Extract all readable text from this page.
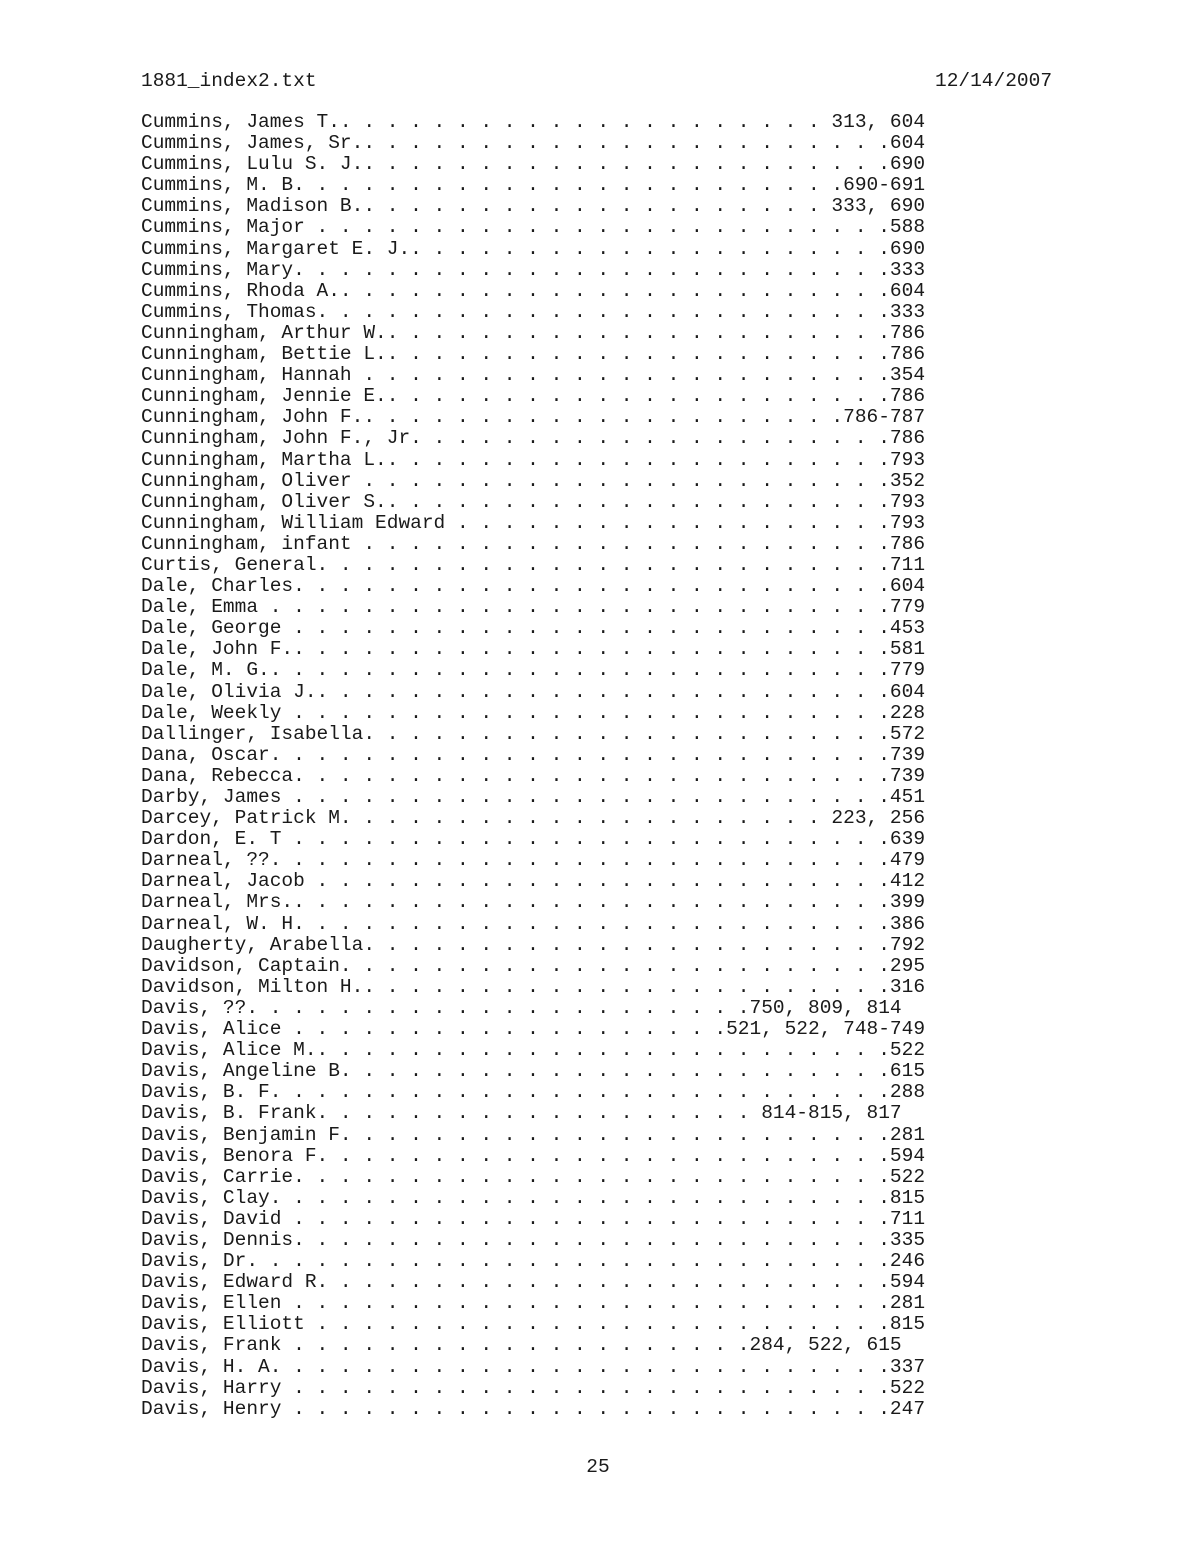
1881_index2.txt	12/14/2007
Cummins, James T.. . . . . . . . . . . . . . . . . . . . . 313, 604
Cummins, James, Sr.. . . . . . . . . . . . . . . . . . . . . . .604
Cummins, Lulu S. J.. . . . . . . . . . . . . . . . . . . . . . .690
Cummins, M. B. . . . . . . . . . . . . . . . . . . . . . . .690-691
Cummins, Madison B.. . . . . . . . . . . . . . . . . . . . 333, 690
Cummins, Major . . . . . . . . . . . . . . . . . . . . . . . . .588
Cummins, Margaret E. J.. . . . . . . . . . . . . . . . . . . . .690
Cummins, Mary. . . . . . . . . . . . . . . . . . . . . . . . . .333
Cummins, Rhoda A.. . . . . . . . . . . . . . . . . . . . . . . .604
Cummins, Thomas. . . . . . . . . . . . . . . . . . . . . . . . .333
Cunningham, Arthur W.. . . . . . . . . . . . . . . . . . . . . .786
Cunningham, Bettie L.. . . . . . . . . . . . . . . . . . . . . .786
Cunningham, Hannah . . . . . . . . . . . . . . . . . . . . . . .354
Cunningham, Jennie E.. . . . . . . . . . . . . . . . . . . . . .786
Cunningham, John F.. . . . . . . . . . . . . . . . . . . . .786-787
Cunningham, John F., Jr. . . . . . . . . . . . . . . . . . . . .786
Cunningham, Martha L.. . . . . . . . . . . . . . . . . . . . . .793
Cunningham, Oliver . . . . . . . . . . . . . . . . . . . . . . .352
Cunningham, Oliver S.. . . . . . . . . . . . . . . . . . . . . .793
Cunningham, William Edward . . . . . . . . . . . . . . . . . . .793
Cunningham, infant . . . . . . . . . . . . . . . . . . . . . . .786
Curtis, General. . . . . . . . . . . . . . . . . . . . . . . . .711
Dale, Charles. . . . . . . . . . . . . . . . . . . . . . . . . .604
Dale, Emma . . . . . . . . . . . . . . . . . . . . . . . . . . .779
Dale, George . . . . . . . . . . . . . . . . . . . . . . . . . .453
Dale, John F.. . . . . . . . . . . . . . . . . . . . . . . . . .581
Dale, M. G.. . . . . . . . . . . . . . . . . . . . . . . . . . .779
Dale, Olivia J.. . . . . . . . . . . . . . . . . . . . . . . . .604
Dale, Weekly . . . . . . . . . . . . . . . . . . . . . . . . . .228
Dallinger, Isabella. . . . . . . . . . . . . . . . . . . . . . .572
Dana, Oscar. . . . . . . . . . . . . . . . . . . . . . . . . . .739
Dana, Rebecca. . . . . . . . . . . . . . . . . . . . . . . . . .739
Darby, James . . . . . . . . . . . . . . . . . . . . . . . . . .451
Darcey, Patrick M. . . . . . . . . . . . . . . . . . . . . 223, 256
Dardon, E. T . . . . . . . . . . . . . . . . . . . . . . . . . .639
Darneal, ??. . . . . . . . . . . . . . . . . . . . . . . . . . .479
Darneal, Jacob . . . . . . . . . . . . . . . . . . . . . . . . .412
Darneal, Mrs.. . . . . . . . . . . . . . . . . . . . . . . . . .399
Darneal, W. H. . . . . . . . . . . . . . . . . . . . . . . . . .386
Daugherty, Arabella. . . . . . . . . . . . . . . . . . . . . . .792
Davidson, Captain. . . . . . . . . . . . . . . . . . . . . . . .295
Davidson, Milton H.. . . . . . . . . . . . . . . . . . . . . . .316
Davis, ??. . . . . . . . . . . . . . . . . . . . . .750, 809, 814
Davis, Alice . . . . . . . . . . . . . . . . . . .521, 522, 748-749
Davis, Alice M.. . . . . . . . . . . . . . . . . . . . . . . . .522
Davis, Angeline B. . . . . . . . . . . . . . . . . . . . . . . .615
Davis, B. F. . . . . . . . . . . . . . . . . . . . . . . . . . .288
Davis, B. Frank. . . . . . . . . . . . . . . . . . . 814-815, 817
Davis, Benjamin F. . . . . . . . . . . . . . . . . . . . . . . .281
Davis, Benora F. . . . . . . . . . . . . . . . . . . . . . . . .594
Davis, Carrie. . . . . . . . . . . . . . . . . . . . . . . . . .522
Davis, Clay. . . . . . . . . . . . . . . . . . . . . . . . . . .815
Davis, David . . . . . . . . . . . . . . . . . . . . . . . . . .711
Davis, Dennis. . . . . . . . . . . . . . . . . . . . . . . . . .335
Davis, Dr. . . . . . . . . . . . . . . . . . . . . . . . . . . .246
Davis, Edward R. . . . . . . . . . . . . . . . . . . . . . . . .594
Davis, Ellen . . . . . . . . . . . . . . . . . . . . . . . . . .281
Davis, Elliott . . . . . . . . . . . . . . . . . . . . . . . . .815
Davis, Frank . . . . . . . . . . . . . . . . . . . .284, 522, 615
Davis, H. A. . . . . . . . . . . . . . . . . . . . . . . . . . .337
Davis, Harry . . . . . . . . . . . . . . . . . . . . . . . . . .522
Davis, Henry . . . . . . . . . . . . . . . . . . . . . . . . . .247
25
